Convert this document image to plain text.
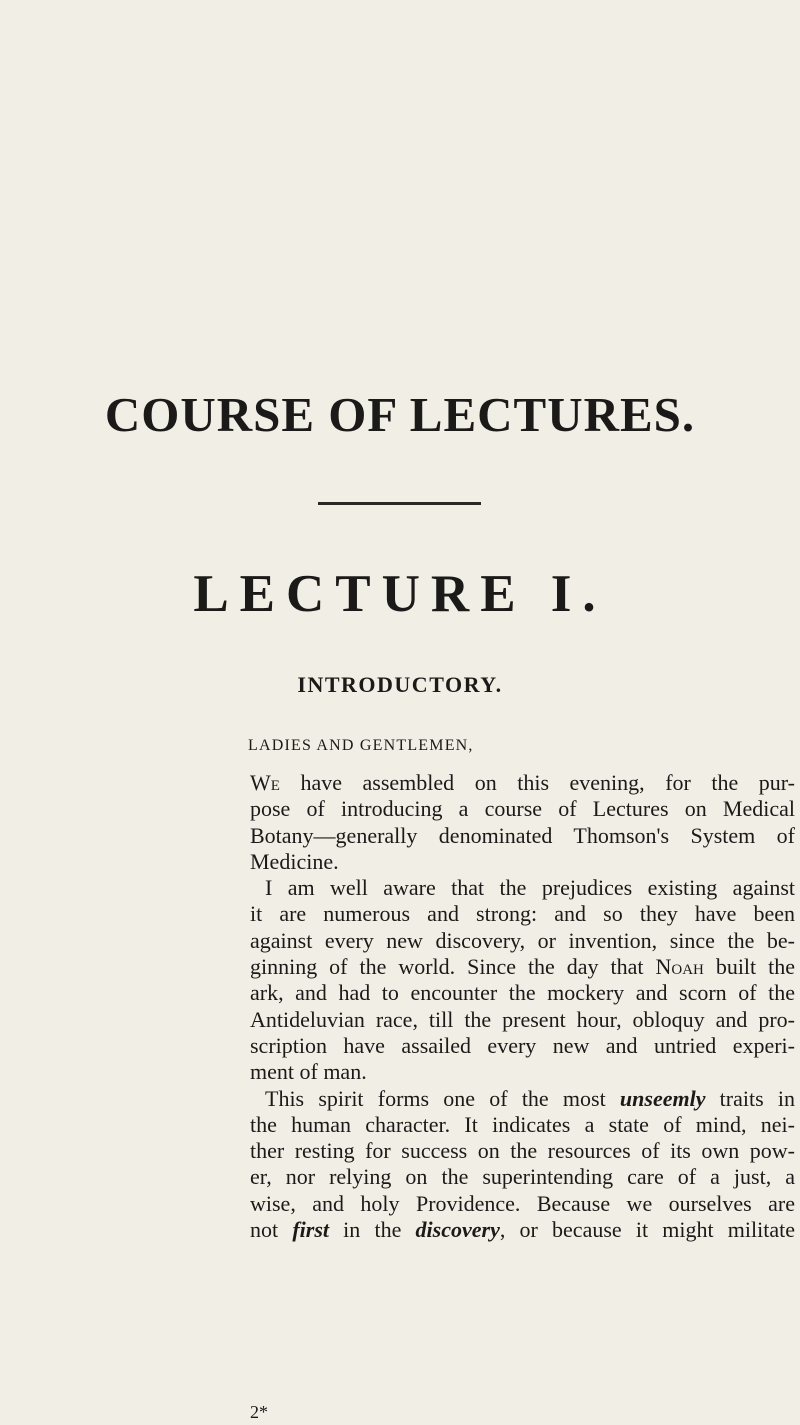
COURSE OF LECTURES.
LECTURE I.
INTRODUCTORY.
LADIES AND GENTLEMEN,
We have assembled on this evening, for the pur-
pose of introducing a course of Lectures on Medical
Botany—generally denominated Thomson's System of
Medicine.
I am well aware that the prejudices existing against
it are numerous and strong: and so they have been
against every new discovery, or invention, since the be-
ginning of the world. Since the day that Noah built the
ark, and had to encounter the mockery and scorn of the
Antideluvian race, till the present hour, obloquy and pro-
scription have assailed every new and untried experi-
ment of man.
This spirit forms one of the most unseemly traits in
the human character. It indicates a state of mind, nei-
ther resting for success on the resources of its own pow-
er, nor relying on the superintending care of a just, a
wise, and holy Providence. Because we ourselves are
not first in the discovery, or because it might militate
2*
